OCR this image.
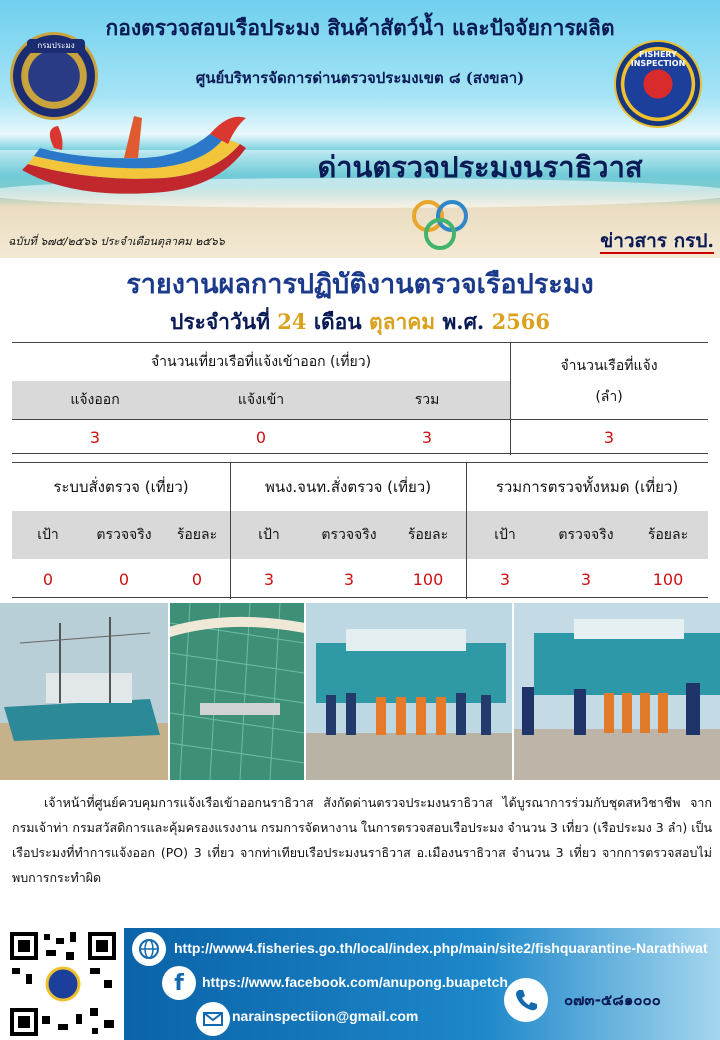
กรมประมง
FISHERY INSPECTION
กองตรวจสอบเรือประมง สินค้าสัตว์น้ำ และปัจจัยการผลิต
ศูนย์บริหารจัดการด่านตรวจประมงเขต ๘ (สงขลา)
ด่านตรวจประมงนราธิวาส
ฉบับที่ ๖๗๕/๒๕๖๖ ประจำเดือนตุลาคม ๒๕๖๖	ข่าวสาร กรป.
รายงานผลการปฏิบัติงานตรวจเรือประมง
ประจำวันที่ 24 เดือน ตุลาคม พ.ศ. 2566
จำนวนเที่ยวเรือที่แจ้งเข้าออก (เที่ยว)
แจ้งออก	แจ้งเข้า	รวม
จำนวนเรือที่แจ้ง
(ลำ)
3	0	3	3
ระบบสั่งตรวจ (เที่ยว)
เป้า	ตรวจจริง	ร้อยละ
0	0	0
พนง.จนท.สั่งตรวจ (เที่ยว)
เป้า	ตรวจจริง	ร้อยละ
3	3	100
รวมการตรวจทั้งหมด (เที่ยว)
เป้า	ตรวจจริง	ร้อยละ
3	3	100
เจ้าหน้าที่ศูนย์ควบคุมการแจ้งเรือเข้าออกนราธิวาส สังกัดด่านตรวจประมงนราธิวาส ได้บูรณาการร่วมกับชุดสหวิชาชีพ จากกรมเจ้าท่า กรมสวัสดิการและคุ้มครองแรงงาน กรมการจัดหางาน ในการตรวจสอบเรือประมง จำนวน 3 เที่ยว (เรือประมง 3 ลำ) เป็นเรือประมงที่ทำการแจ้งออก (PO) 3 เที่ยว จากท่าเทียบเรือประมงนราธิวาส อ.เมืองนราธิวาส จำนวน 3 เที่ยว จากการตรวจสอบไม่พบการกระทำผิด
http://www4.fisheries.go.th/local/index.php/main/site2/fishquarantine-Narathiwat
f	https://www.facebook.com/anupong.buapetch
narainspectiion@gmail.com
๐๗๓-๕๘๑๐๐๐
